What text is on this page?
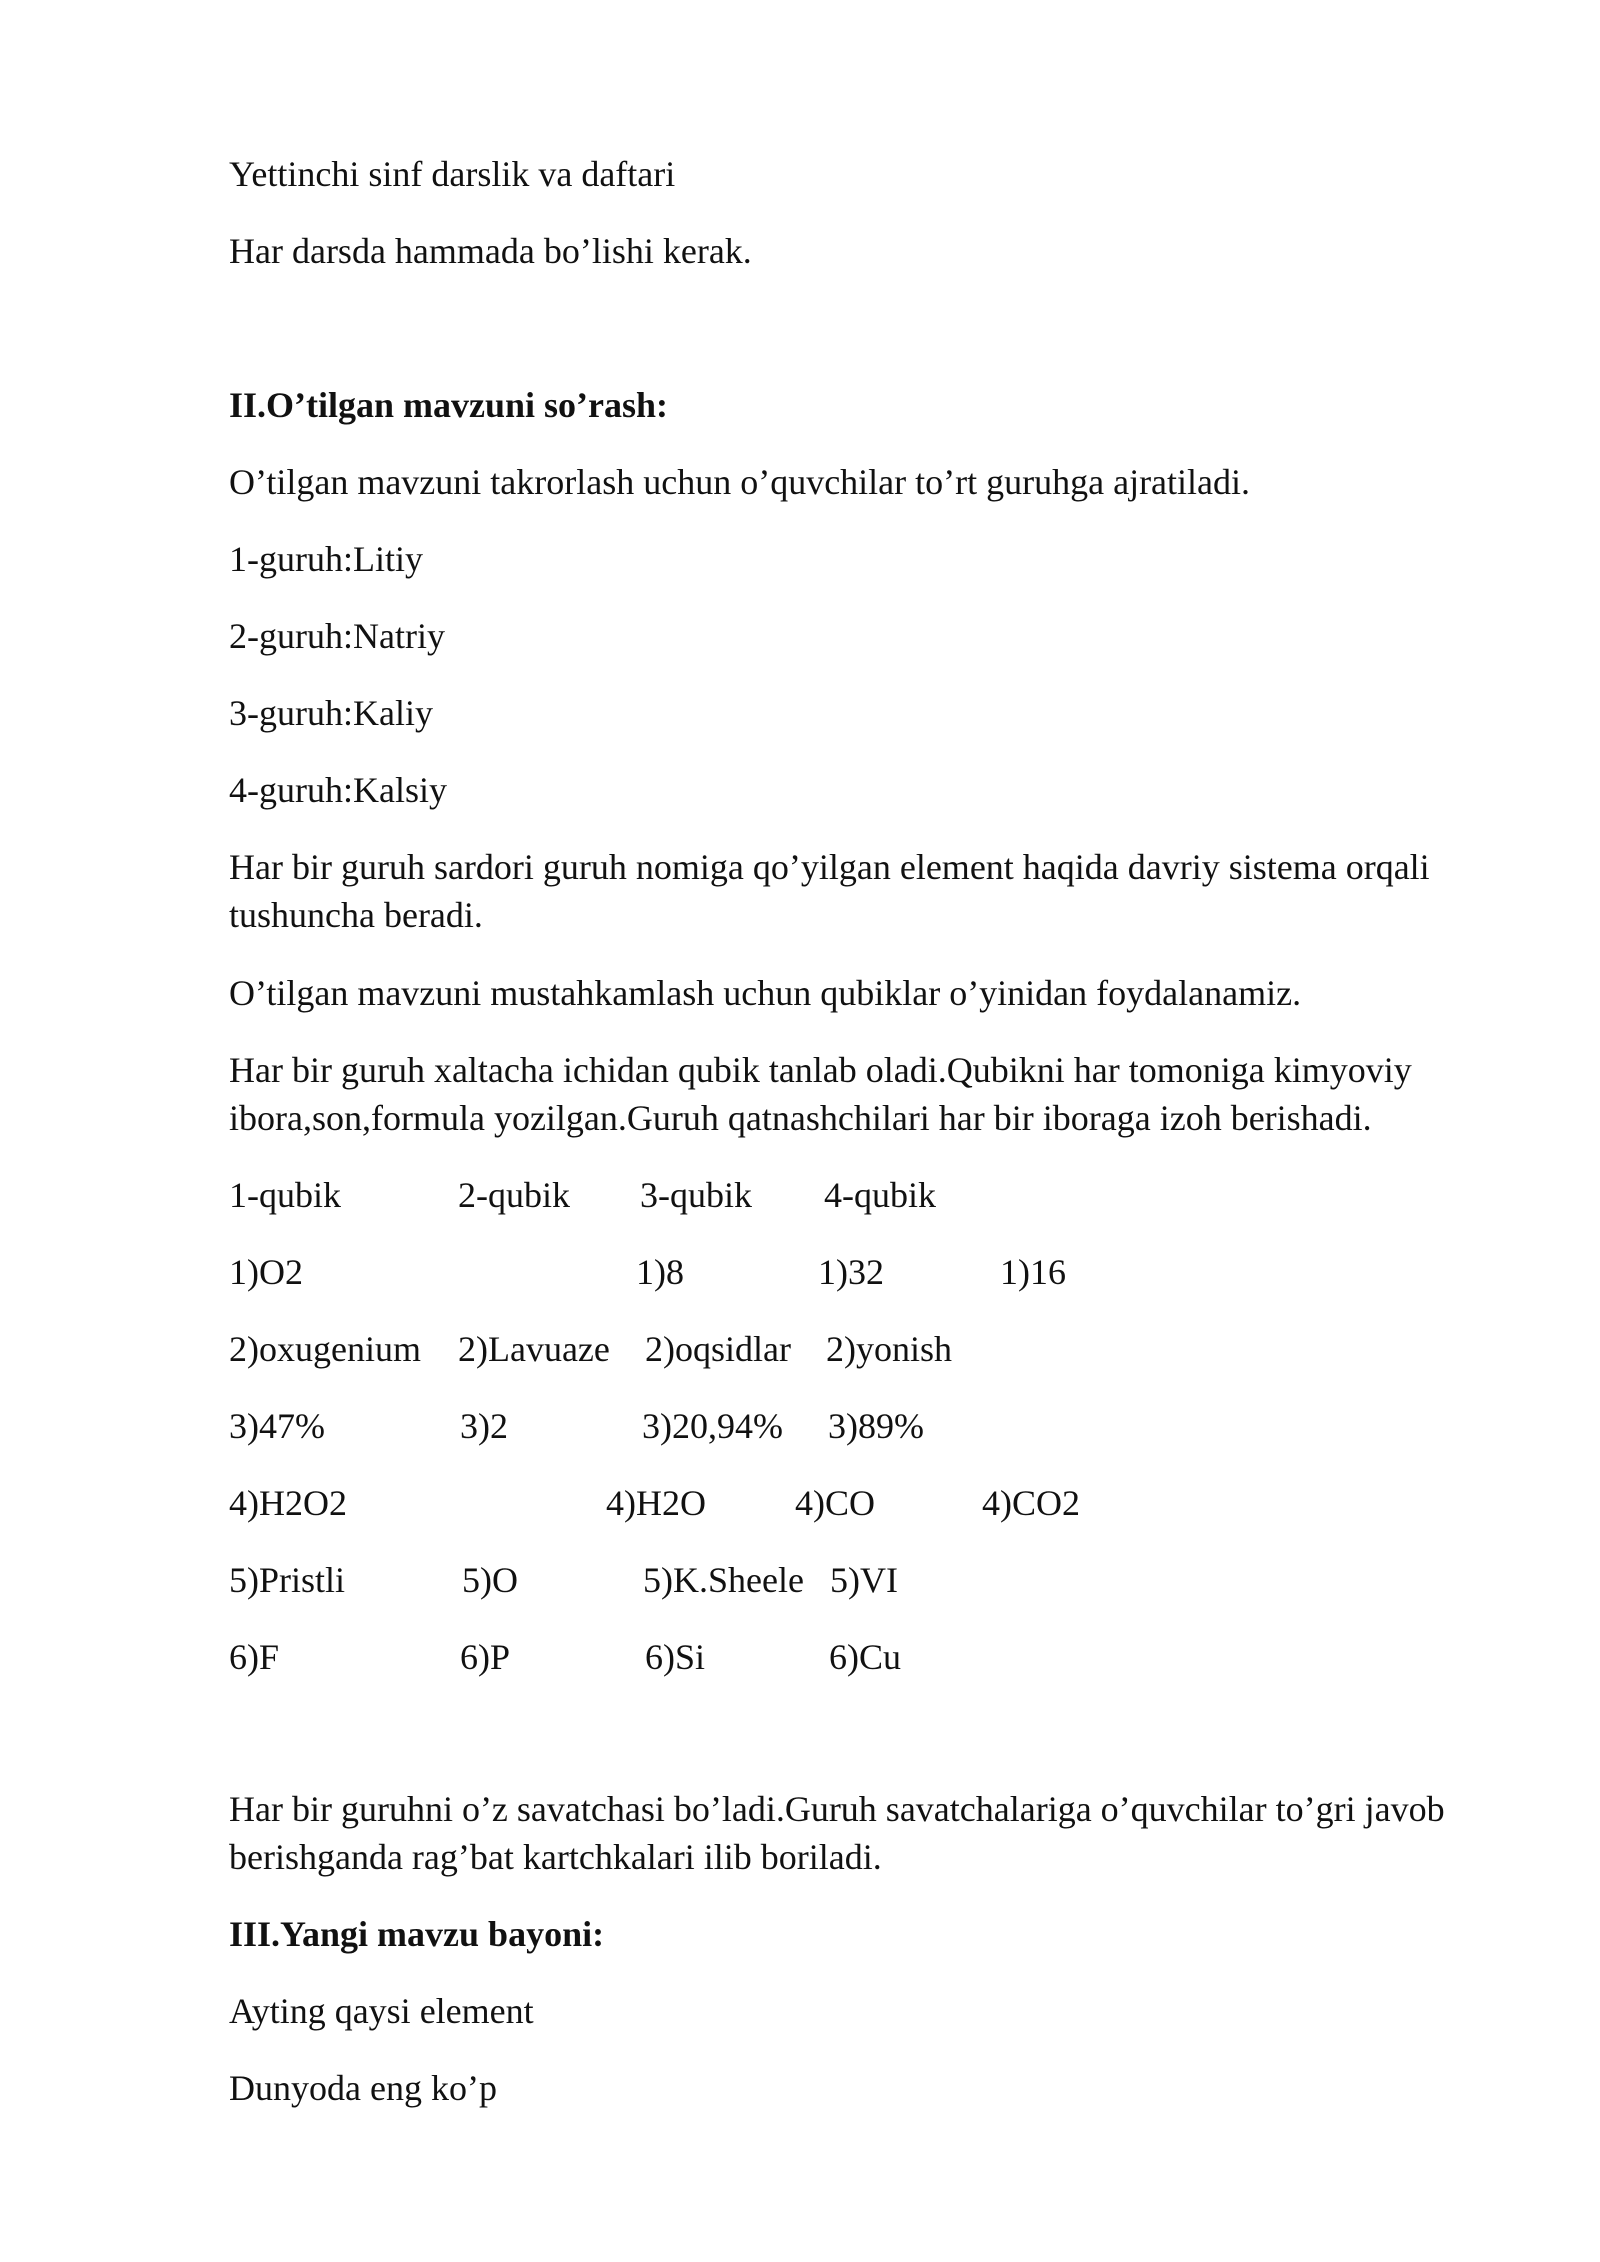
Yettinchi sinf darslik va daftari
Har darsda hammada bo’lishi kerak.
II.O’tilgan mavzuni so’rash:
O’tilgan mavzuni takrorlash uchun o’quvchilar to’rt guruhga ajratiladi.
1-guruh:Litiy
2-guruh:Natriy
3-guruh:Kaliy
4-guruh:Kalsiy
Har bir guruh sardori guruh nomiga qo’yilgan element haqida davriy sistema orqali tushuncha beradi.
O’tilgan mavzuni mustahkamlash uchun qubiklar o’yinidan foydalanamiz.
Har bir guruh xaltacha ichidan qubik tanlab oladi.Qubikni har tomoniga kimyoviy ibora,son,formula yozilgan.Guruh qatnashchilari har bir iboraga izoh berishadi.
1-qubik	2-qubik 3-qubik 4-qubik
1)O2	1)8	1)32	1)16
2)oxugenium 2)Lavuaze 2)oqsidlar 2)yonish
3)47%	3)2	3)20,94% 3)89%
4)H2O2	4)H2O 4)CO	4)CO2
5)Pristli	5)O	5)K.Sheele 5)VI
6)F	6)P	6)Si	6)Cu
Har bir guruhni o’z savatchasi bo’ladi.Guruh savatchalariga o’quvchilar to’gri javob berishganda rag’bat kartchkalari ilib boriladi.
III.Yangi mavzu bayoni:
Ayting qaysi element
Dunyoda eng ko’p
